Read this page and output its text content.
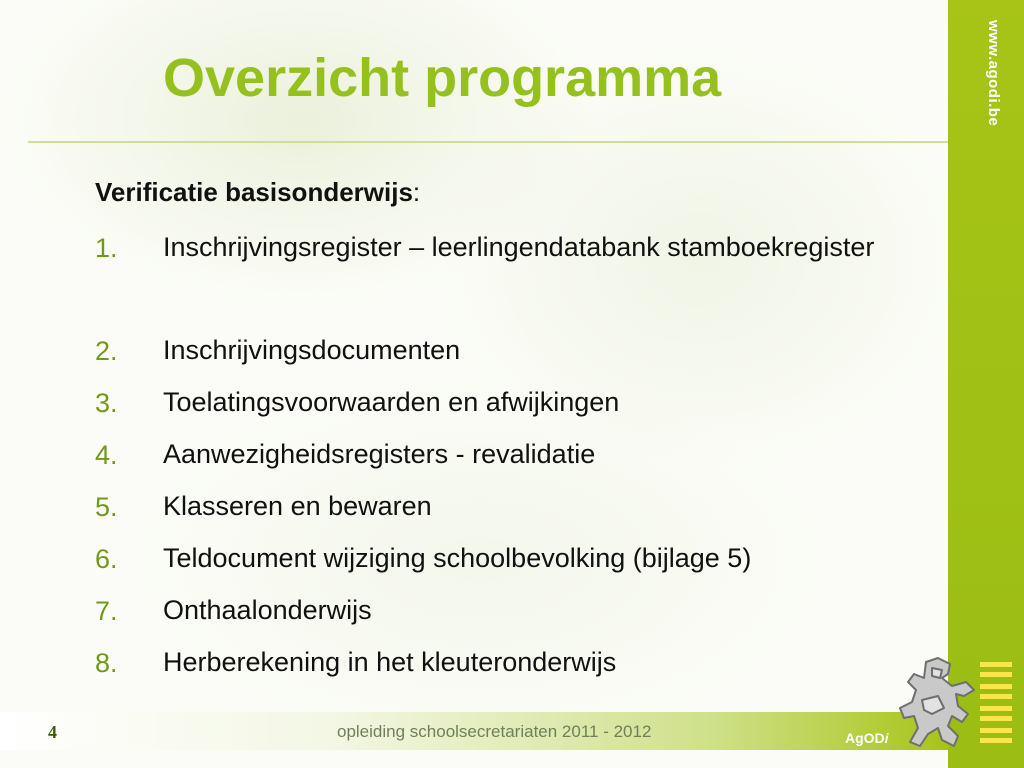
www.agodi.be
Overzicht programma
Verificatie basisonderwijs:
1. Inschrijvingsregister – leerlingendatabank stamboekregister
2. Inschrijvingsdocumenten
3. Toelatingsvoorwaarden en afwijkingen
4. Aanwezigheidsregisters - revalidatie
5. Klasseren en bewaren
6. Teldocument wijziging schoolbevolking (bijlage 5)
7. Onthaalonderwijs
8. Herberekening in het kleuteronderwijs
4	opleiding schoolsecretariaten 2011 - 2012	AgODi
